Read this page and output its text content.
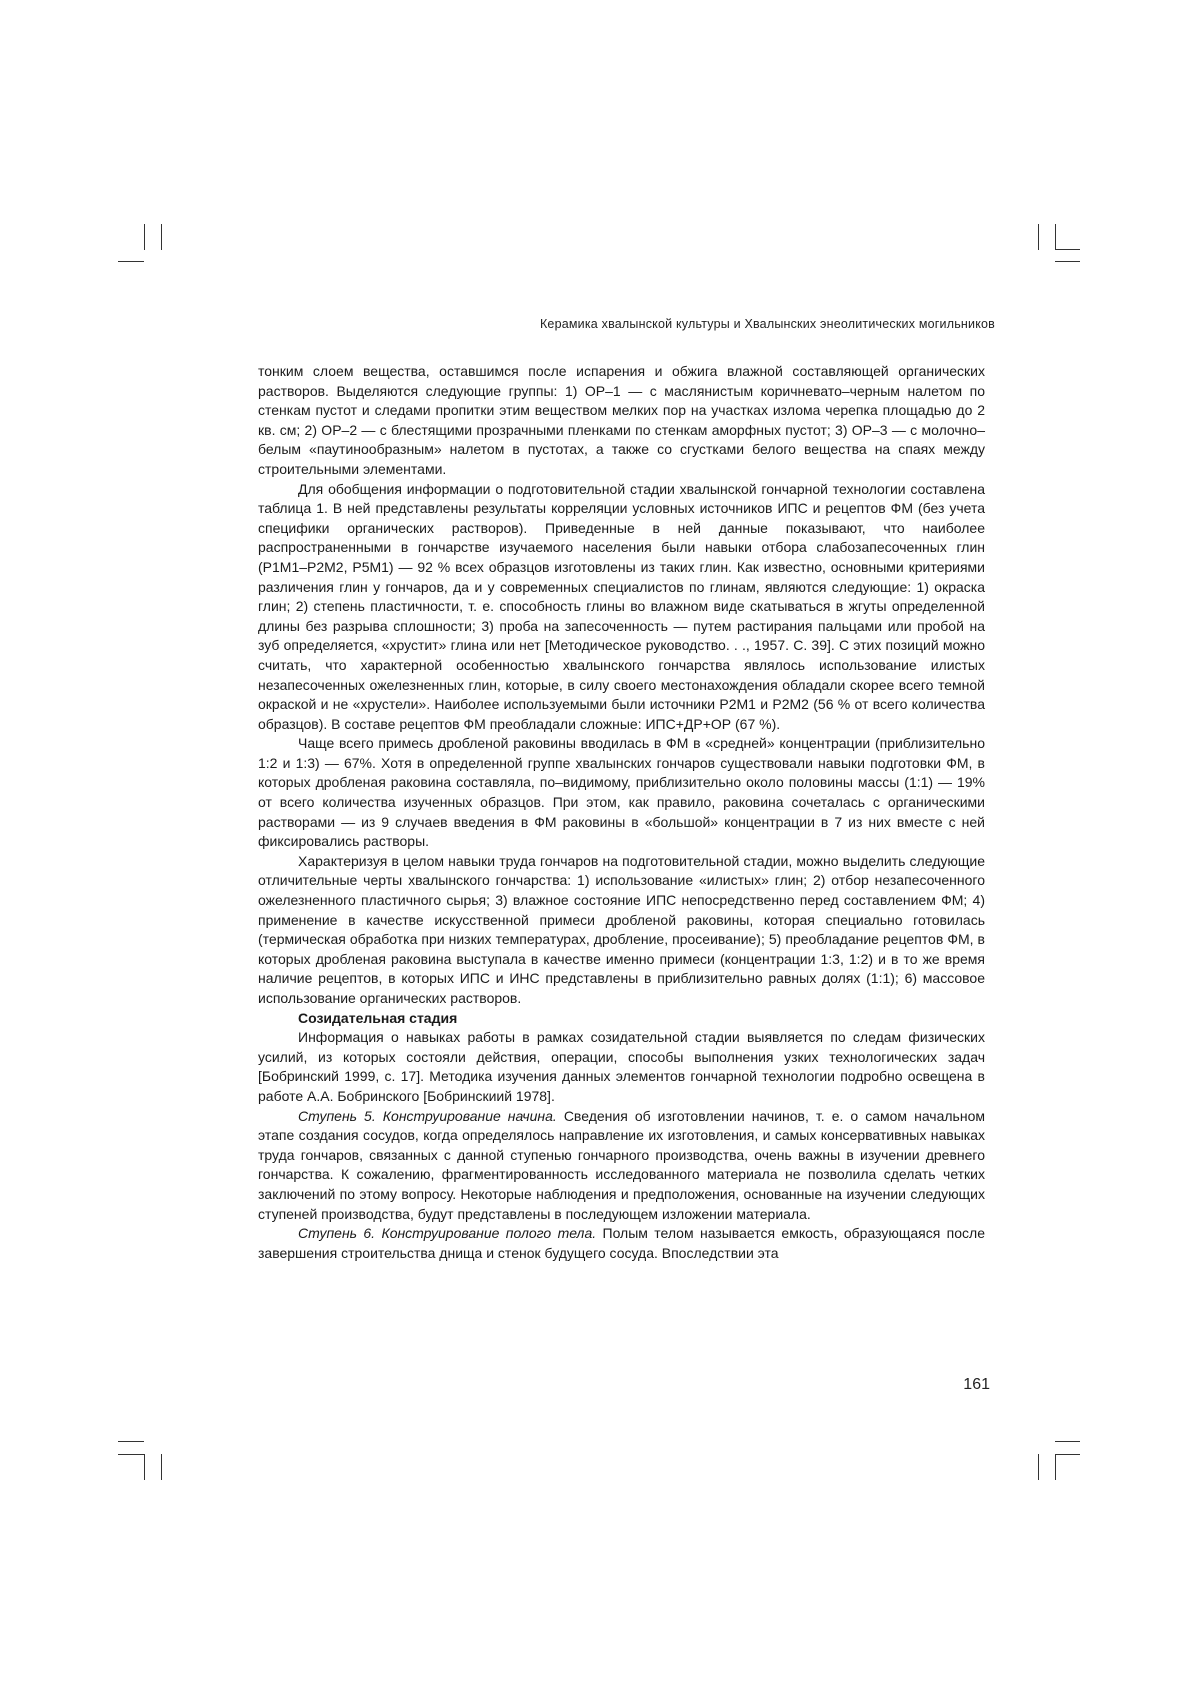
Керамика хвалынской культуры и Хвалынских энеолитических могильников

тонким слоем вещества, оставшимся после испарения и обжига влажной составляющей органических растворов. Выделяются следующие группы: 1) ОР–1 — с маслянистым коричневато–черным налетом по стенкам пустот и следами пропитки этим веществом мелких пор на участках излома черепка площадью до 2 кв. см; 2) ОР–2 — с блестящими прозрачными пленками по стенкам аморфных пустот; 3) ОР–3 — с молочно–белым «паутинообразным» налетом в пустотах, а также со сгустками белого вещества на спаях между строительными элементами.

Для обобщения информации о подготовительной стадии хвалынской гончарной технологии составлена таблица 1. В ней представлены результаты корреляции условных источников ИПС и рецептов ФМ (без учета специфики органических растворов). Приведенные в ней данные показывают, что наиболее распространенными в гончарстве изучаемого населения были навыки отбора слабозапесоченных глин (Р1М1–Р2М2, Р5М1) — 92 % всех образцов изготовлены из таких глин. Как известно, основными критериями различения глин у гончаров, да и у современных специалистов по глинам, являются следующие: 1) окраска глин; 2) степень пластичности, т. е. способность глины во влажном виде скатываться в жгуты определенной длины без разрыва сплошности; 3) проба на запесоченность — путем растирания пальцами или пробой на зуб определяется, «хрустит» глина или нет [Методическое руководство. . ., 1957. С. 39]. С этих позиций можно считать, что характерной особенностью хвалынского гончарства являлось использование илистых незапесоченных ожелезненных глин, которые, в силу своего местонахождения обладали скорее всего темной окраской и не «хрустели». Наиболее используемыми были источники Р2М1 и Р2М2 (56 % от всего количества образцов). В составе рецептов ФМ преобладали сложные: ИПС+ДР+ОР (67 %).

Чаще всего примесь дробленой раковины вводилась в ФМ в «средней» концентрации (приблизительно 1:2 и 1:3) — 67%. Хотя в определенной группе хвалынских гончаров существовали навыки подготовки ФМ, в которых дробленая раковина составляла, по–видимому, приблизительно около половины массы (1:1) — 19% от всего количества изученных образцов. При этом, как правило, раковина сочеталась с органическими растворами — из 9 случаев введения в ФМ раковины в «большой» концентрации в 7 из них вместе с ней фиксировались растворы.

Характеризуя в целом навыки труда гончаров на подготовительной стадии, можно выделить следующие отличительные черты хвалынского гончарства: 1) использование «илистых» глин; 2) отбор незапесоченного ожелезненного пластичного сырья; 3) влажное состояние ИПС непосредственно перед составлением ФМ; 4) применение в качестве искусственной примеси дробленой раковины, которая специально готовилась (термическая обработка при низких температурах, дробление, просеивание); 5) преобладание рецептов ФМ, в которых дробленая раковина выступала в качестве именно примеси (концентрации 1:3, 1:2) и в то же время наличие рецептов, в которых ИПС и ИНС представлены в приблизительно равных долях (1:1); 6) массовое использование органических растворов.

Созидательная стадия

Информация о навыках работы в рамках созидательной стадии выявляется по следам физических усилий, из которых состояли действия, операции, способы выполнения узких технологических задач [Бобринский 1999, с. 17]. Методика изучения данных элементов гончарной технологии подробно освещена в работе А.А. Бобринского [Бобринскиий 1978].

Ступень 5. Конструирование начина. Сведения об изготовлении начинов, т. е. о самом начальном этапе создания сосудов, когда определялось направление их изготовления, и самых консервативных навыках труда гончаров, связанных с данной ступенью гончарного производства, очень важны в изучении древнего гончарства. К сожалению, фрагментированность исследованного материала не позволила сделать четких заключений по этому вопросу. Некоторые наблюдения и предположения, основанные на изучении следующих ступеней производства, будут представлены в последующем изложении материала.

Ступень 6. Конструирование полого тела. Полым телом называется емкость, образующаяся после завершения строительства днища и стенок будущего сосуда. Впоследствии эта

161
